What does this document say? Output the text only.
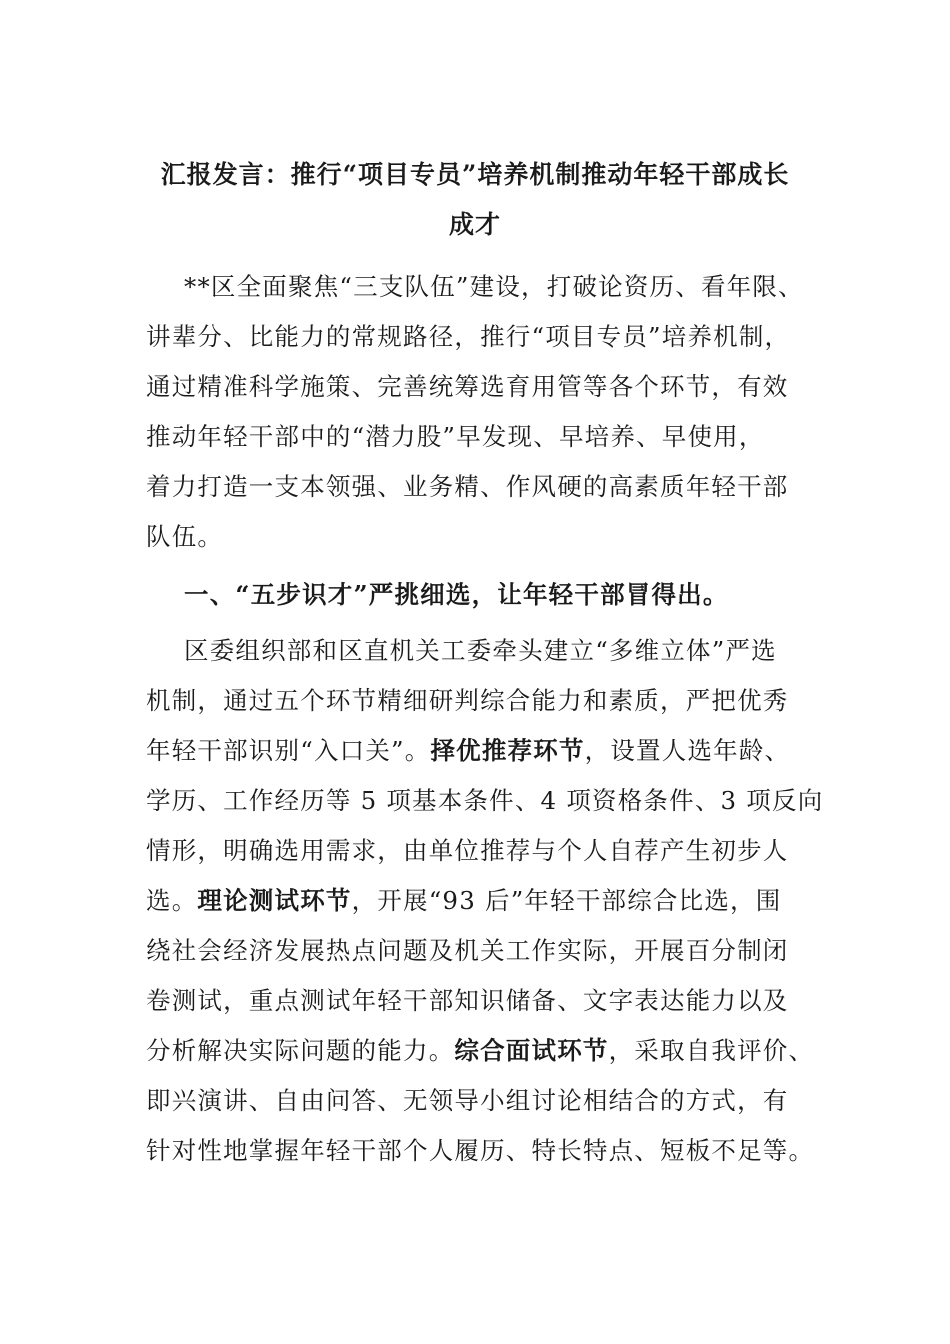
汇报发言：推行“项目专员”培养机制推动年轻干部成长
成才
**区全面聚焦“三支队伍”建设，打破论资历、看年限、
讲辈分、比能力的常规路径，推行“项目专员”培养机制，
通过精准科学施策、完善统筹选育用管等各个环节，有效
推动年轻干部中的“潜力股”早发现、早培养、早使用，
着力打造一支本领强、业务精、作风硬的高素质年轻干部
队伍。
一、“五步识才”严挑细选，让年轻干部冒得出。
区委组织部和区直机关工委牵头建立“多维立体”严选
机制，通过五个环节精细研判综合能力和素质，严把优秀
年轻干部识别“入口关”。择优推荐环节，设置人选年龄、
学历、工作经历等 5 项基本条件、4 项资格条件、3 项反向
情形，明确选用需求，由单位推荐与个人自荐产生初步人
选。理论测试环节，开展“93 后”年轻干部综合比选，围
绕社会经济发展热点问题及机关工作实际，开展百分制闭
卷测试，重点测试年轻干部知识储备、文字表达能力以及
分析解决实际问题的能力。综合面试环节，采取自我评价、
即兴演讲、自由问答、无领导小组讨论相结合的方式，有
针对性地掌握年轻干部个人履历、特长特点、短板不足等。
